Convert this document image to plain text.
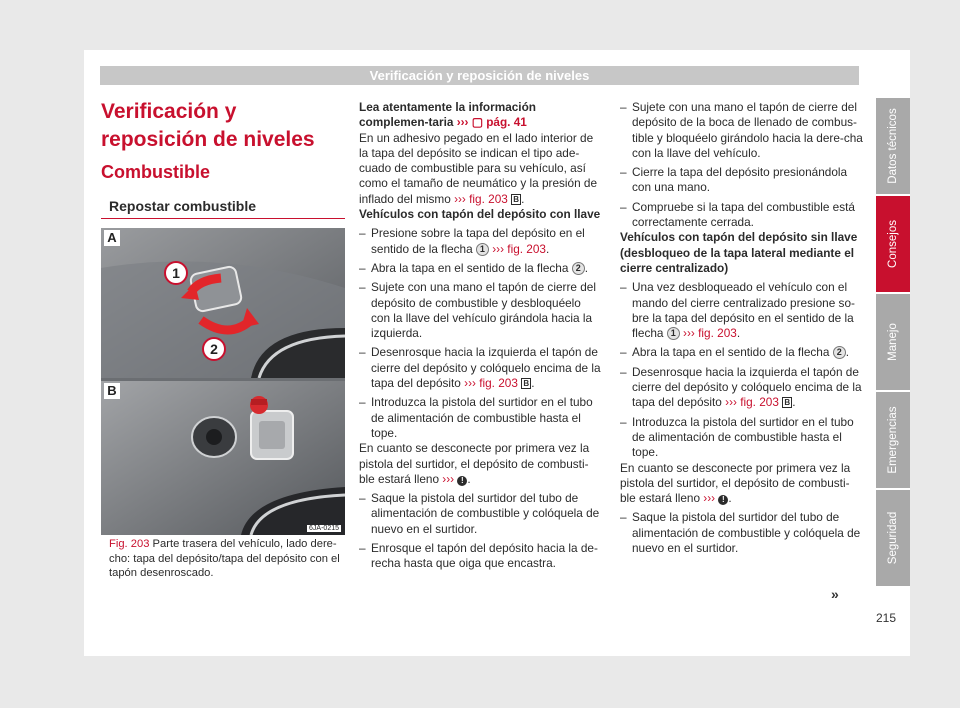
Verificación y reposición de niveles
Verificación y reposición de niveles
Combustible
Repostar combustible
1
2
A
B
6JA-0215
Fig. 203 Parte trasera del vehículo, lado dere-cho: tapa del depósito/tapa del depósito con el tapón desenroscado.

Lea atentamente la información complemen-taria ››› ▢ pág. 41

En un adhesivo pegado en el lado interior de la tapa del depósito se indican el tipo ade-cuado de combustible para su vehículo, así como el tamaño de neumático y la presión de inflado del mismo ››› fig. 203 B .

Vehículos con tapón del depósito con llave

– Presione sobre la tapa del depósito en el sentido de la flecha 1 ››› fig. 203.
– Abra la tapa en el sentido de la flecha 2 .
– Sujete con una mano el tapón de cierre del depósito de combustible y desbloquéelo con la llave del vehículo girándola hacia la izquierda.
– Desenrosque hacia la izquierda el tapón de cierre del depósito y colóquelo encima de la tapa del depósito ››› fig. 203 B .
– Introduzca la pistola del surtidor en el tubo de alimentación de combustible hasta el tope.

En cuanto se desconecte por primera vez la pistola del surtidor, el depósito de combusti-ble estará lleno ››› ! .

– Saque la pistola del surtidor del tubo de alimentación de combustible y colóquela de nuevo en el surtidor.
– Enrosque el tapón del depósito hacia la de-recha hasta que oiga que encastra.
– Sujete con una mano el tapón de cierre del depósito de la boca de llenado de combus-tible y bloquéelo girándolo hacia la dere-cha con la llave del vehículo.
– Cierre la tapa del depósito presionándola con una mano.
– Compruebe si la tapa del combustible está correctamente cerrada.

Vehículos con tapón del depósito sin llave (desbloqueo de la tapa lateral mediante el cierre centralizado)

– Una vez desbloqueado el vehículo con el mando del cierre centralizado presione so-bre la tapa del depósito en el sentido de la flecha 1 ››› fig. 203.
– Abra la tapa en el sentido de la flecha 2 .
– Desenrosque hacia la izquierda el tapón de cierre del depósito y colóquelo encima de la tapa del depósito ››› fig. 203 B .
– Introduzca la pistola del surtidor en el tubo de alimentación de combustible hasta el tope.

En cuanto se desconecte por primera vez la pistola del surtidor, el depósito de combusti-ble estará lleno ››› ! .

– Saque la pistola del surtidor del tubo de alimentación de combustible y colóquela de nuevo en el surtidor.
»
215
Datos técnicos
Consejos
Manejo
Emergencias
Seguridad
